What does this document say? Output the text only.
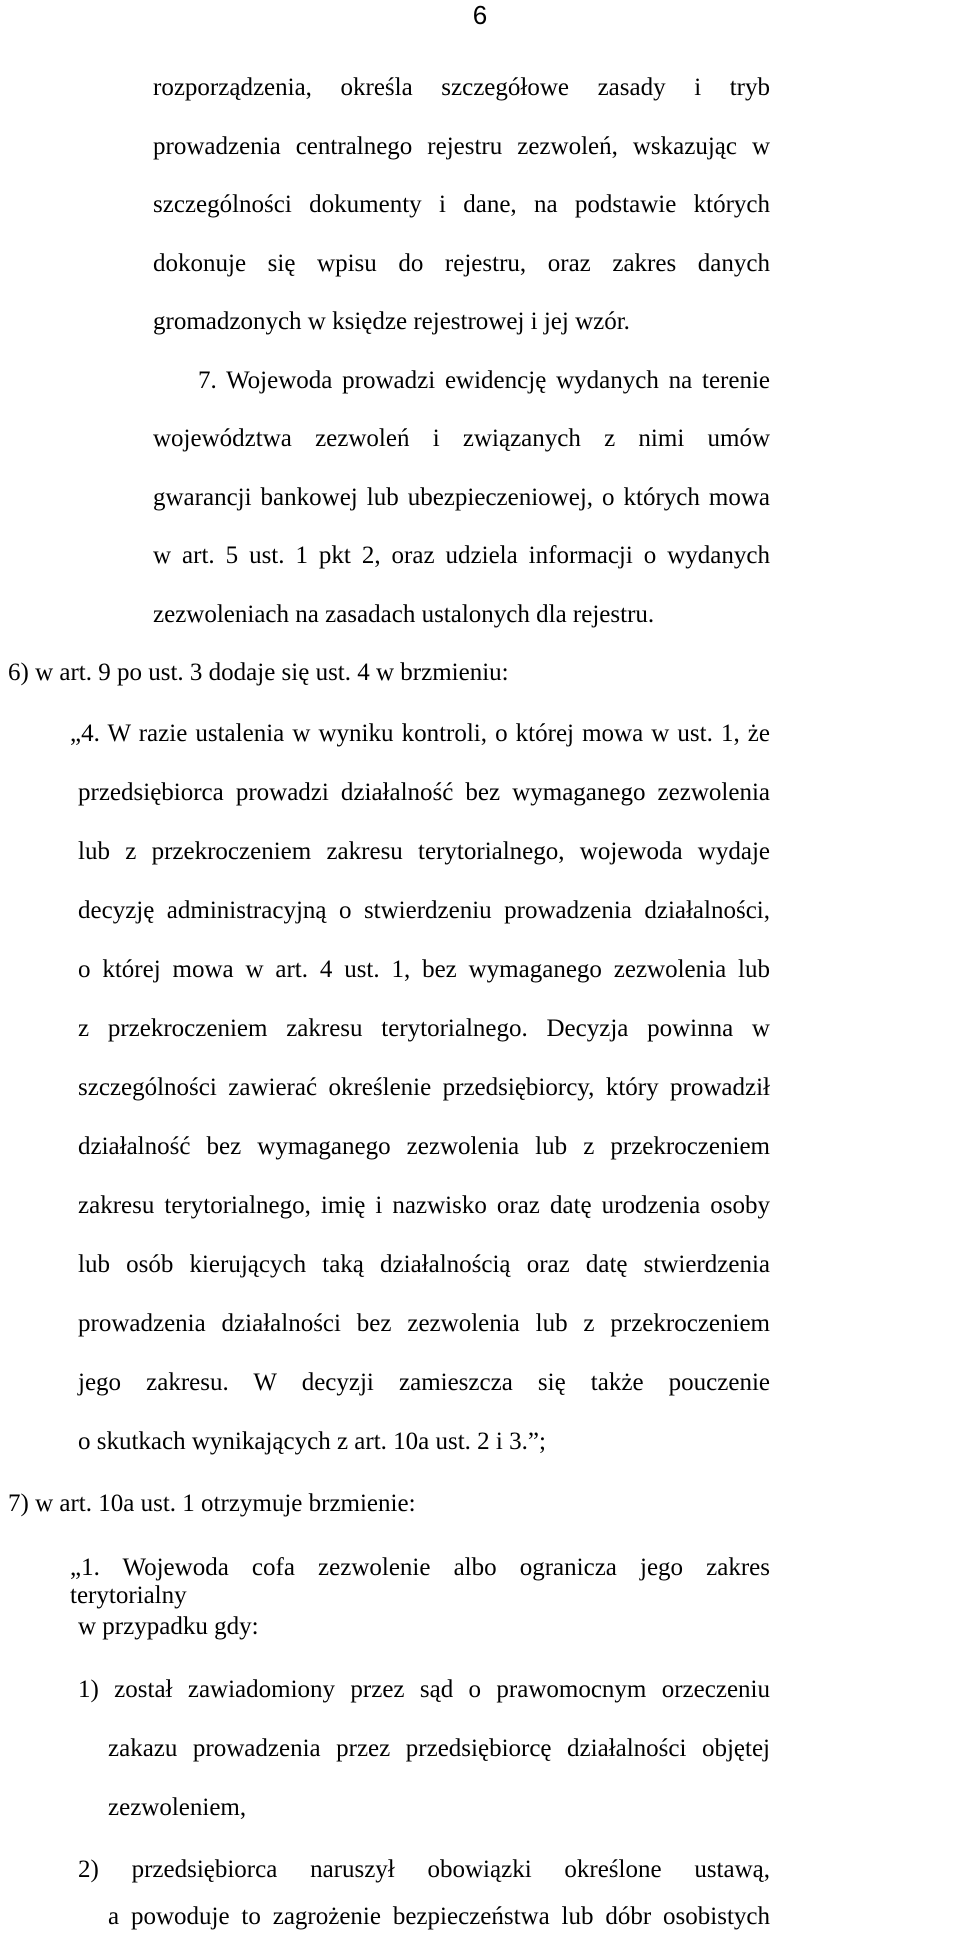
6
rozporządzenia, określa szczegółowe zasady i tryb
prowadzenia centralnego rejestru zezwoleń, wskazując w
szczególności dokumenty i dane, na podstawie których
dokonuje się wpisu do rejestru, oraz zakres danych
gromadzonych w księdze rejestrowej i jej wzór.
7. Wojewoda prowadzi ewidencję wydanych na terenie
województwa zezwoleń i związanych z nimi umów
gwarancji bankowej lub ubezpieczeniowej, o których mowa
w art. 5 ust. 1 pkt 2, oraz udziela informacji o wydanych
zezwoleniach na zasadach ustalonych dla rejestru.
6) w art. 9 po ust. 3 dodaje się ust. 4 w brzmieniu:
„4. W razie ustalenia w wyniku kontroli, o której mowa w ust. 1, że
przedsiębiorca prowadzi działalność bez wymaganego zezwolenia
lub z przekroczeniem zakresu terytorialnego, wojewoda wydaje
decyzję administracyjną o stwierdzeniu prowadzenia działalności,
o której mowa w art. 4 ust. 1, bez wymaganego zezwolenia lub
z przekroczeniem zakresu terytorialnego. Decyzja powinna w
szczególności zawierać określenie przedsiębiorcy, który prowadził
działalność bez wymaganego zezwolenia lub z przekroczeniem
zakresu terytorialnego, imię i nazwisko oraz datę urodzenia osoby
lub osób kierujących taką działalnością oraz datę stwierdzenia
prowadzenia działalności bez zezwolenia lub z przekroczeniem
jego zakresu. W decyzji zamieszcza się także pouczenie
o skutkach wynikających z art. 10a ust. 2 i 3.”;
7) w art. 10a ust. 1 otrzymuje brzmienie:
„1. Wojewoda cofa zezwolenie albo ogranicza jego zakres terytorialny
w przypadku gdy:
1) został zawiadomiony przez sąd o prawomocnym orzeczeniu
zakazu prowadzenia przez przedsiębiorcę działalności objętej
zezwoleniem,
2) przedsiębiorca naruszył obowiązki określone ustawą,
a powoduje to zagrożenie bezpieczeństwa lub dóbr osobistych
